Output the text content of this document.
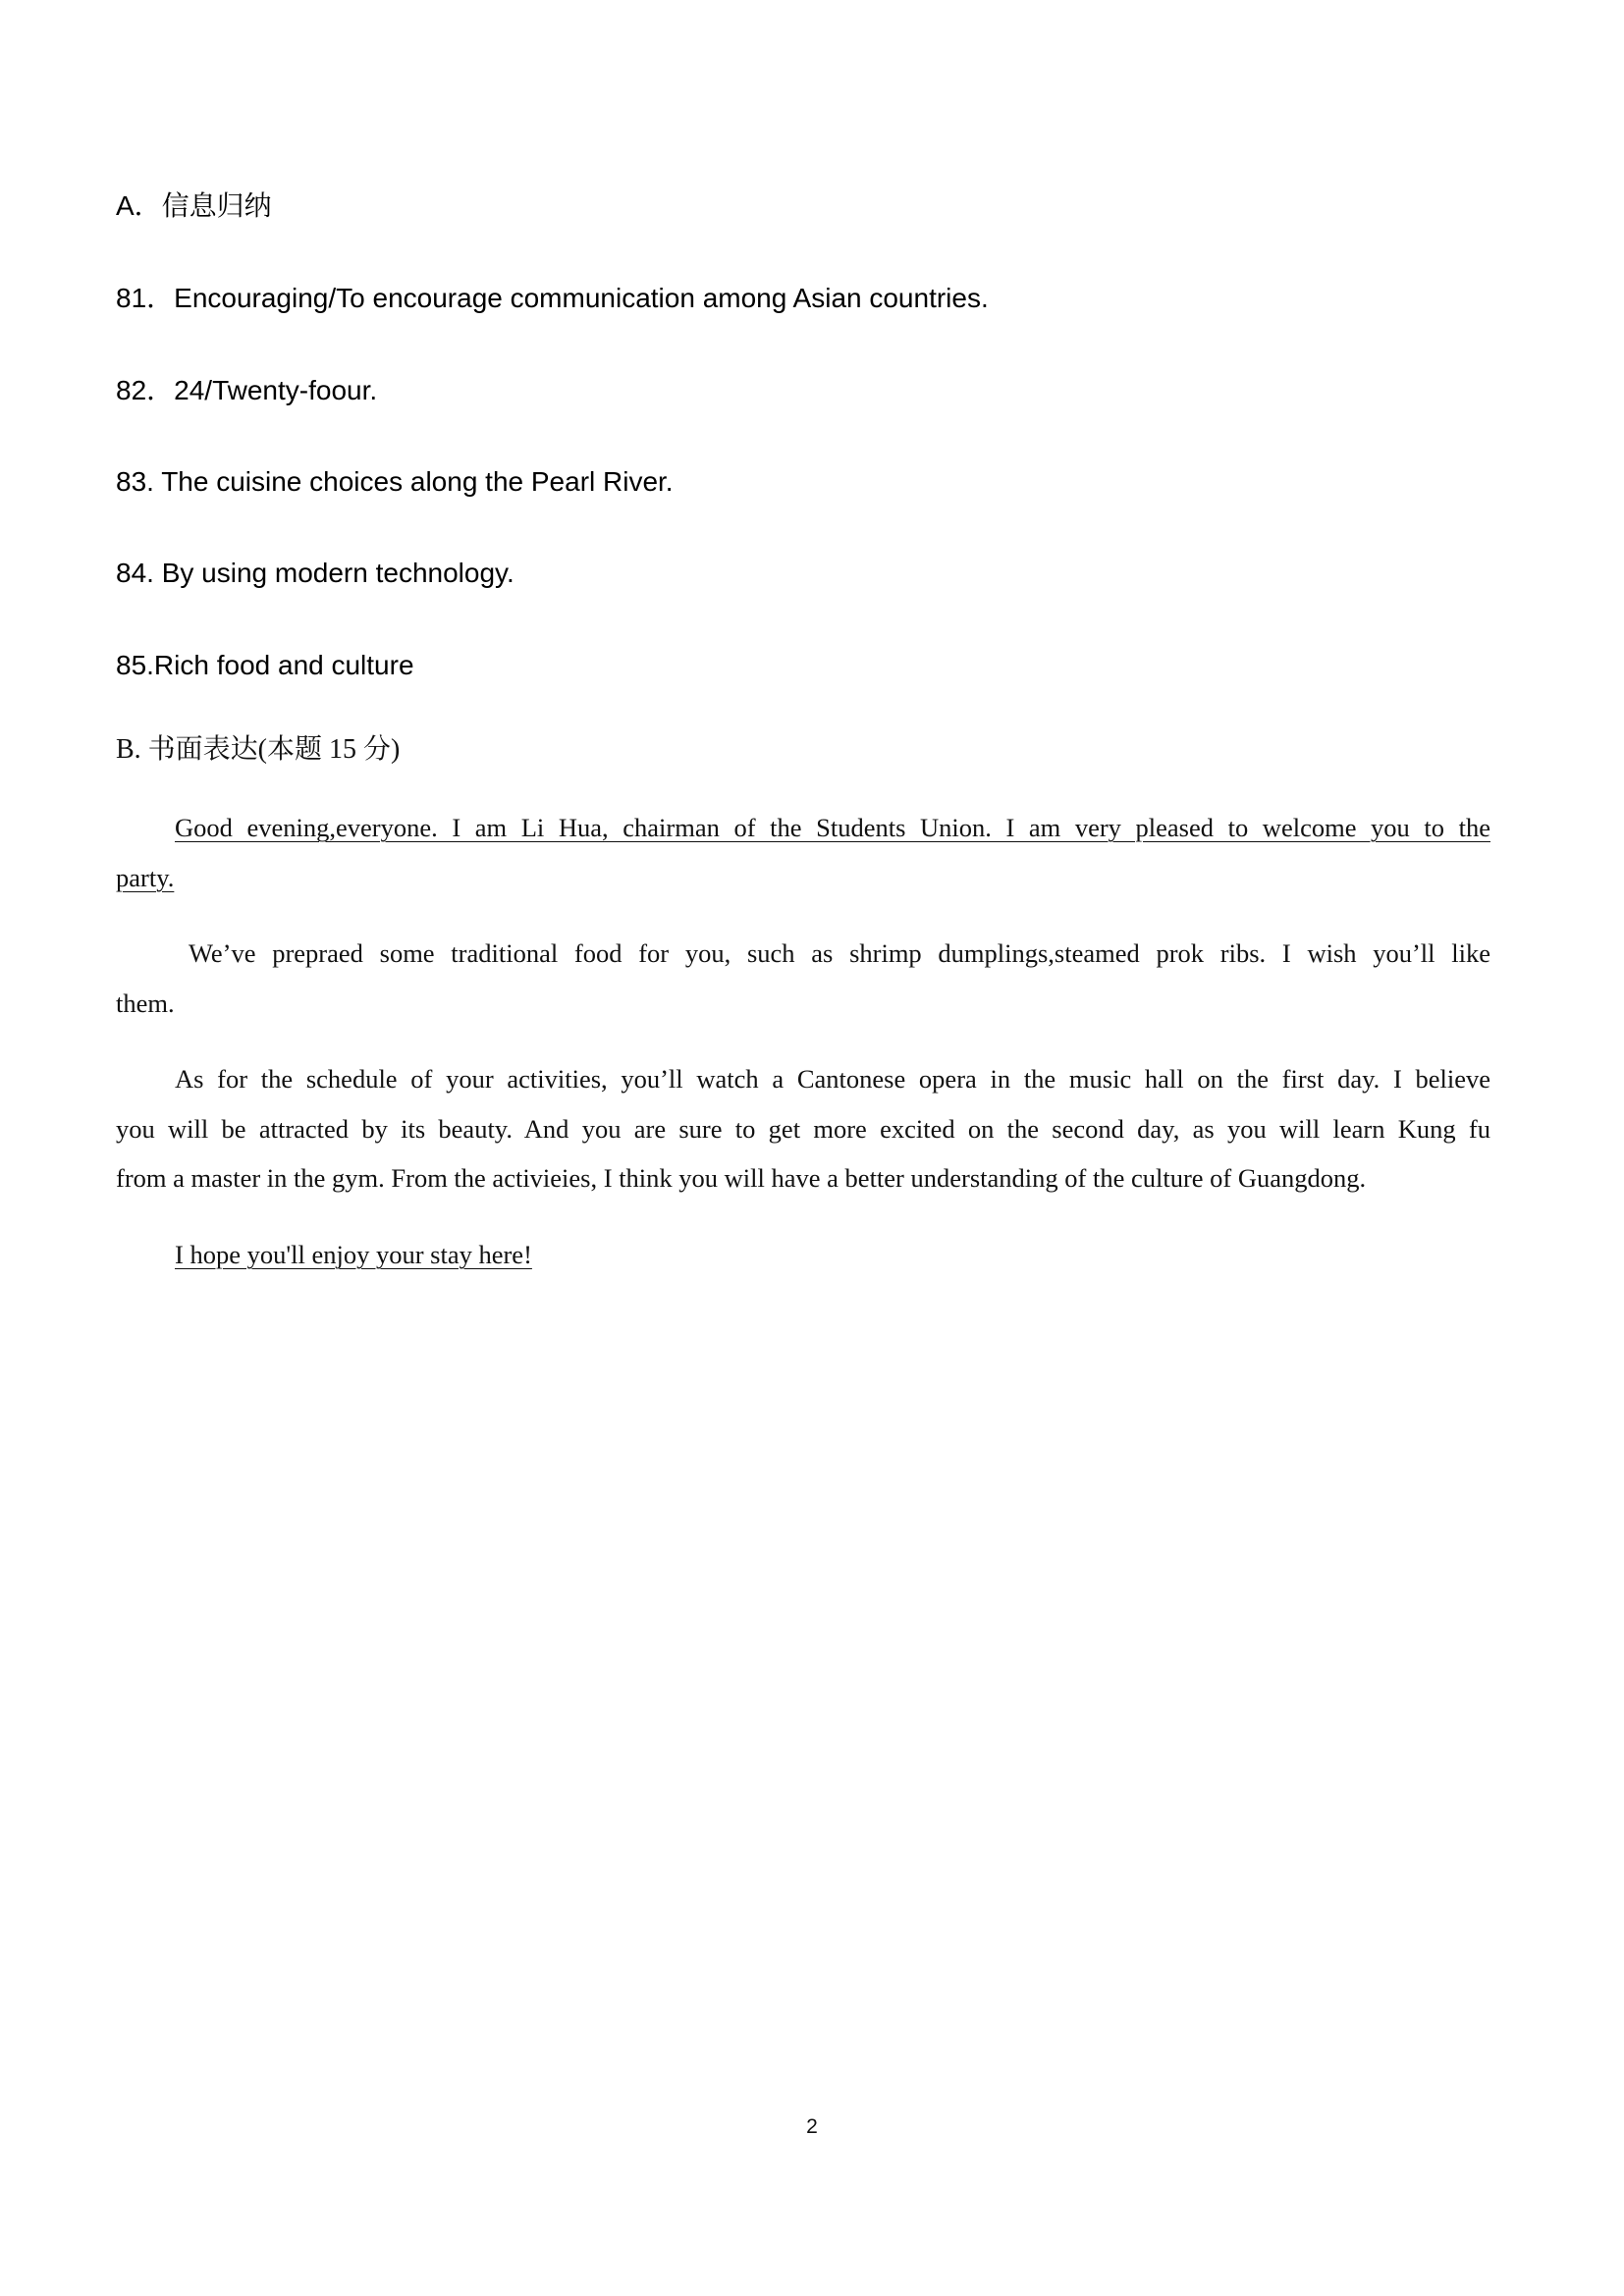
A．信息归纳

81．Encouraging/To encourage communication among Asian countries.

82．24/Twenty-foour.

83. The cuisine choices along the Pearl River.

84. By using modern technology.

85.Rich food and culture

B. 书面表达(本题 15 分)

Good evening,everyone. I am Li Hua, chairman of the Students Union. I am very pleased to welcome you to the
party.
We’ve prepraed some traditional food for you, such as shrimp dumplings,steamed prok ribs. I wish you’ll like
them.
As for the schedule of your activities, you’ll watch a Cantonese opera in the music hall on the first day. I believe
you will be attracted by its beauty. And you are sure to get more excited on the second day, as you will learn Kung fu
from a master in the gym. From the activieies, I think you will have a better understanding of the culture of Guangdong.
I hope you'll enjoy your stay here!

2
